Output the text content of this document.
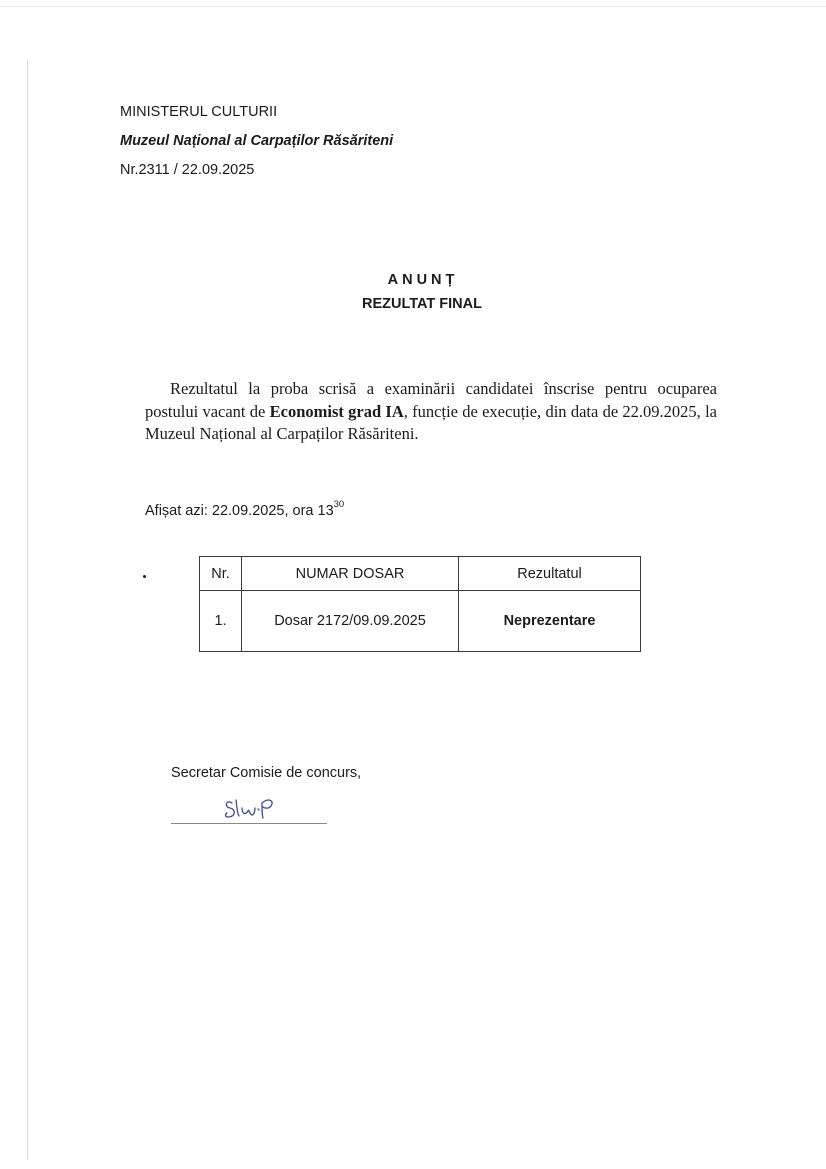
MINISTERUL CULTURII
Muzeul Național al Carpaților Răsăriteni
Nr.2311 / 22.09.2025
ANUNȚ
REZULTAT FINAL
Rezultatul la proba scrisă a examinării candidatei înscrise pentru ocuparea postului vacant de Economist grad IA, funcție de execuție, din data de 22.09.2025, la Muzeul Național al Carpaților Răsăriteni.
Afișat azi: 22.09.2025, ora $13^{30}$
Nr.	NUMAR DOSAR	Rezultatul
1.	Dosar 2172/09.09.2025	Neprezentare
Secretar Comisie de concurs,
